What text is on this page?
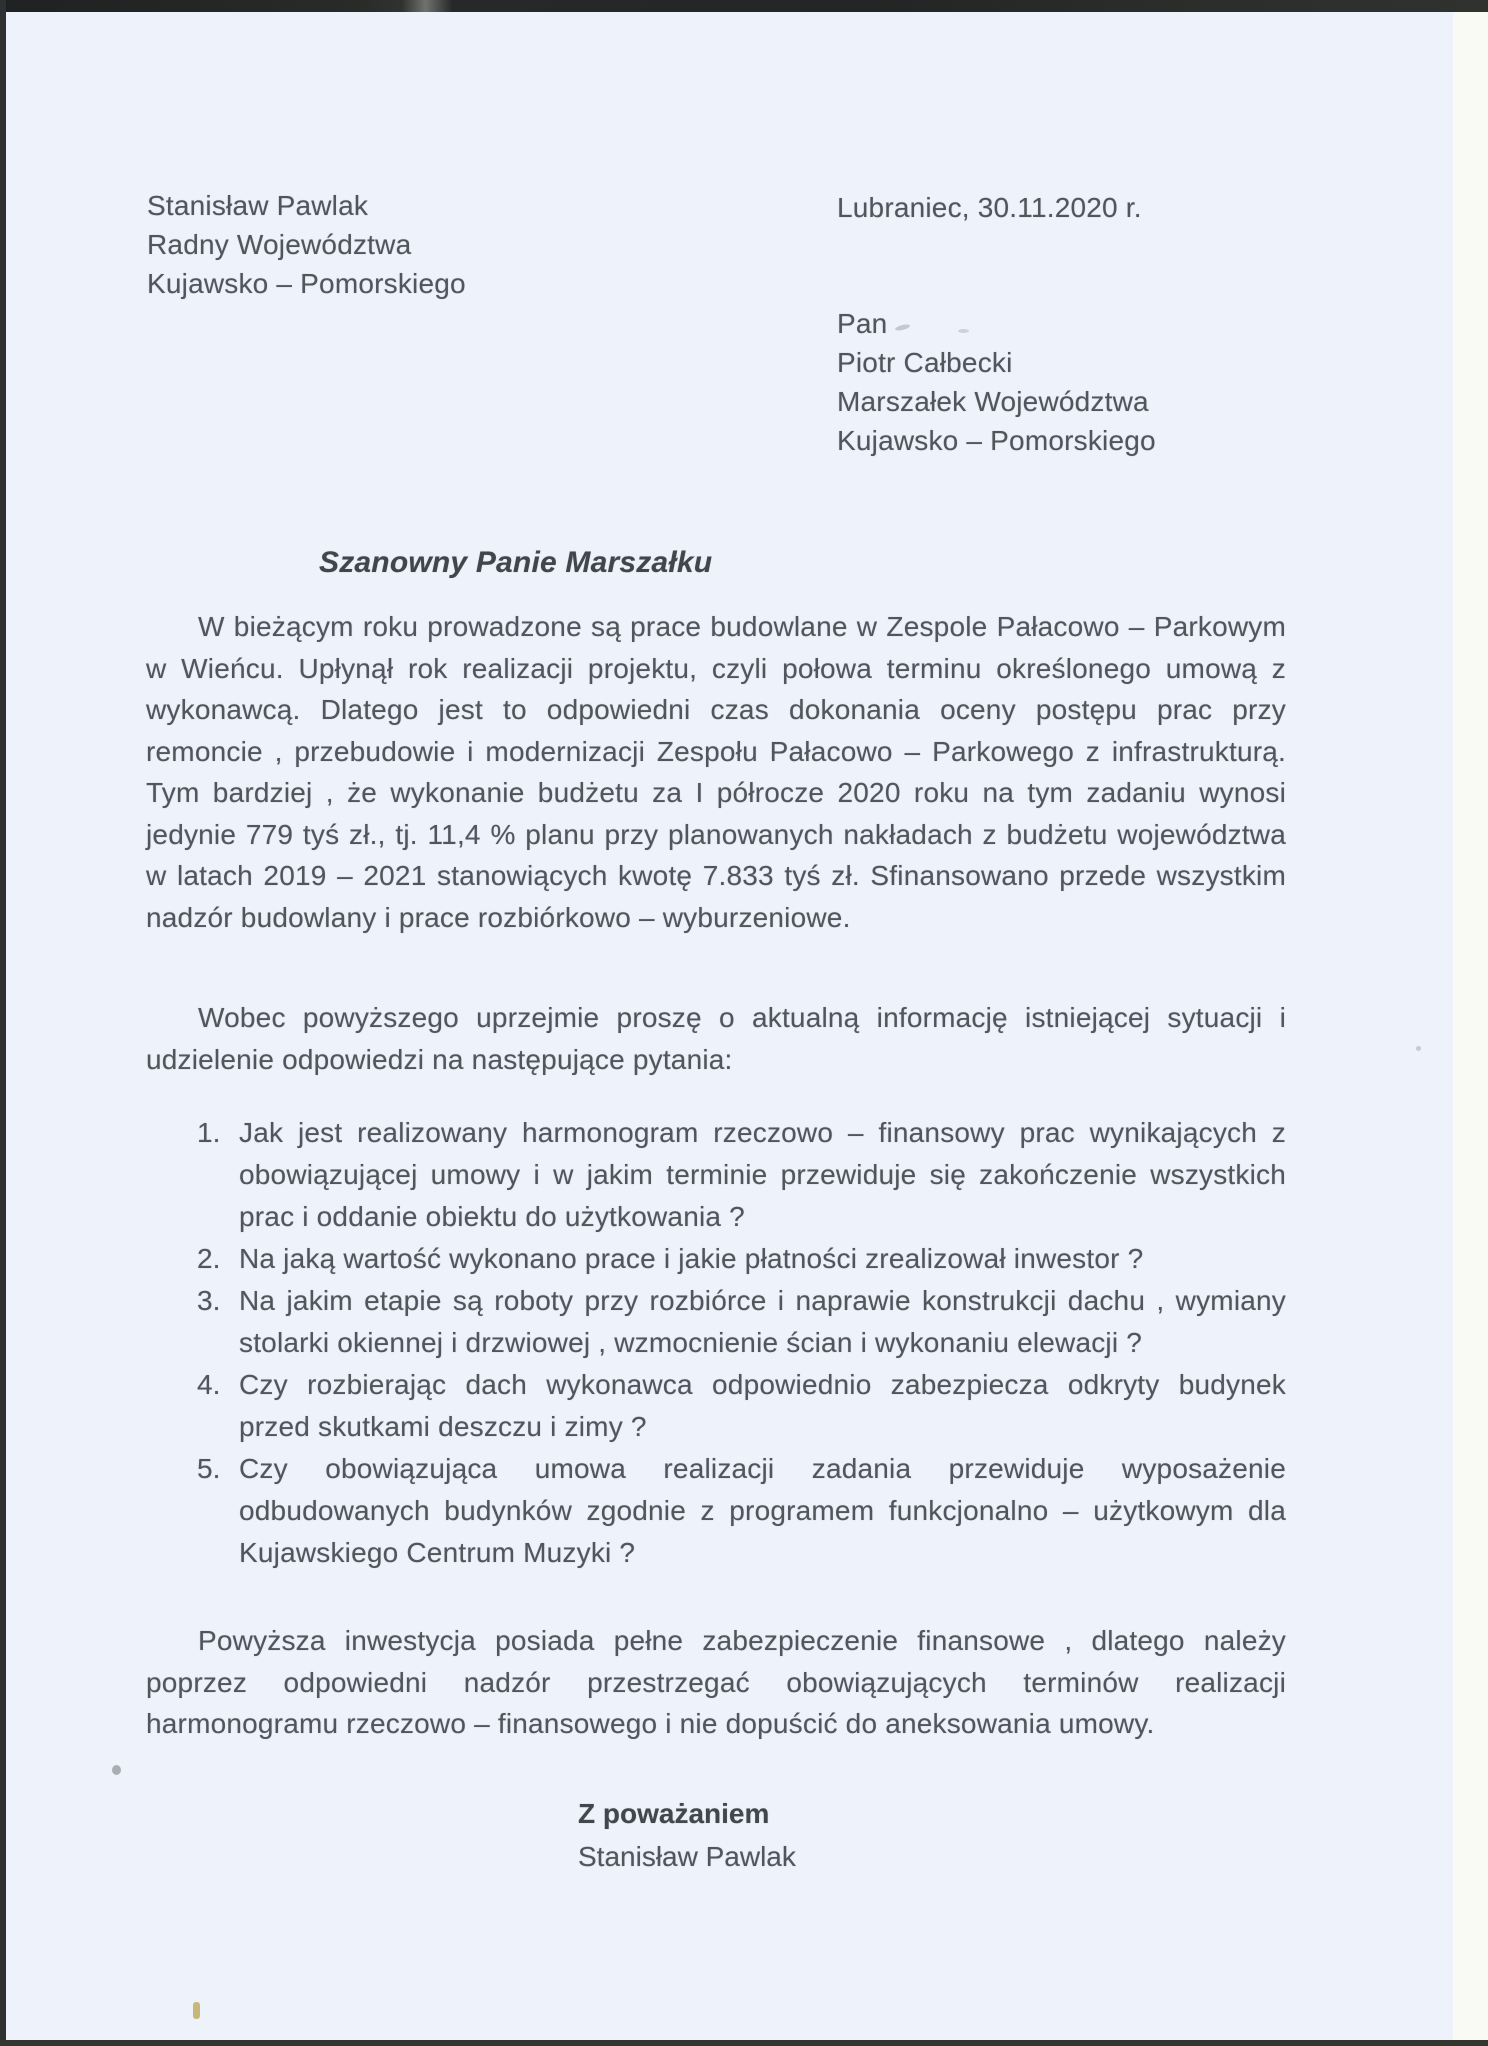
Stanisław Pawlak
Radny Województwa
Kujawsko – Pomorskiego
Lubraniec, 30.11.2020 r.
Pan
Piotr Całbecki
Marszałek Województwa
Kujawsko – Pomorskiego
Szanowny Panie Marszałku

W bieżącym roku prowadzone są prace budowlane w Zespole Pałacowo – Parkowym w Wieńcu. Upłynął rok realizacji projektu, czyli połowa terminu określonego umową z wykonawcą. Dlatego jest to odpowiedni czas dokonania oceny postępu prac przy remoncie , przebudowie i modernizacji Zespołu Pałacowo – Parkowego z infrastrukturą. Tym bardziej , że wykonanie budżetu za I półrocze 2020 roku na tym zadaniu wynosi jedynie 779 tyś zł., tj. 11,4 % planu przy planowanych nakładach z budżetu województwa w latach 2019 – 2021 stanowiących kwotę 7.833 tyś zł. Sfinansowano przede wszystkim nadzór budowlany i prace rozbiórkowo – wyburzeniowe.

Wobec powyższego uprzejmie proszę o aktualną informację istniejącej sytuacji i udzielenie odpowiedzi na następujące pytania:

1. Jak jest realizowany harmonogram rzeczowo – finansowy prac wynikających z obowiązującej umowy i w jakim terminie przewiduje się zakończenie wszystkich prac i oddanie obiektu do użytkowania ?
2. Na jaką wartość wykonano prace i jakie płatności zrealizował inwestor ?
3. Na jakim etapie są roboty przy rozbiórce i naprawie konstrukcji dachu , wymiany stolarki okiennej i drzwiowej , wzmocnienie ścian i wykonaniu elewacji ?
4. Czy rozbierając dach wykonawca odpowiednio zabezpiecza odkryty budynek przed skutkami deszczu i zimy ?
5. Czy obowiązująca umowa realizacji zadania przewiduje wyposażenie odbudowanych budynków zgodnie z programem funkcjonalno – użytkowym dla Kujawskiego Centrum Muzyki ?

Powyższa inwestycja posiada pełne zabezpieczenie finansowe , dlatego należy poprzez odpowiedni nadzór przestrzegać obowiązujących terminów realizacji harmonogramu rzeczowo – finansowego i nie dopuścić do aneksowania umowy.

Z poważaniem
Stanisław Pawlak
